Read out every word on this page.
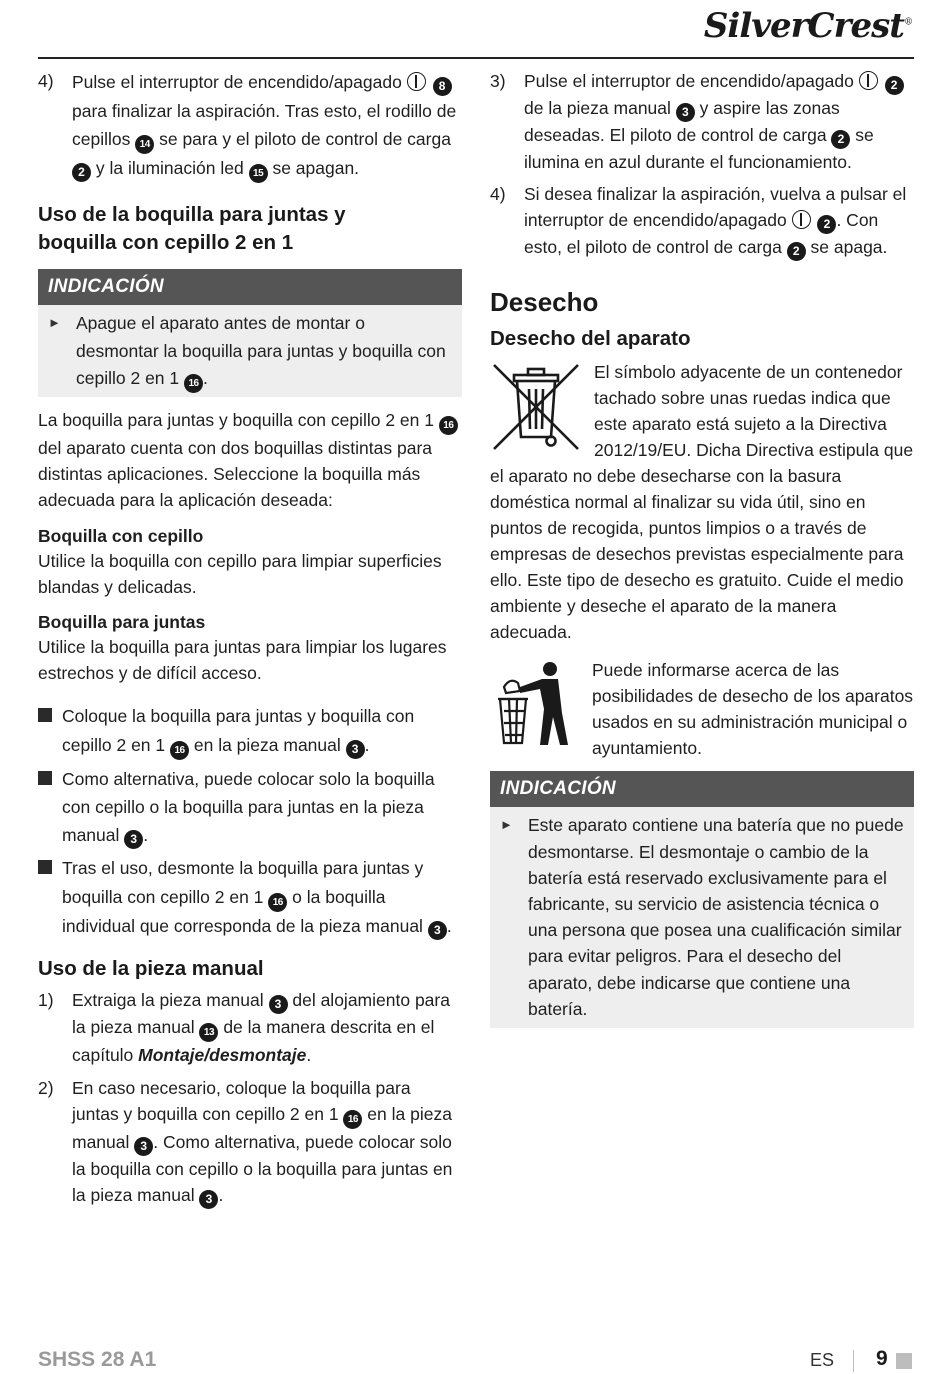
SilverCrest®
4)	Pulse el interruptor de encendido/apagado	8 para finalizar la aspiración. Tras esto, el rodillo de cepillos 14 se para y el piloto de control de carga 2 y la iluminación led 15 se apagan.
Uso de la boquilla para juntas y boquilla con cepillo 2 en 1
INDICACIÓN
► Apague el aparato antes de montar o desmontar la boquilla para juntas y boquilla con cepillo 2 en 1 16 .

La boquilla para juntas y boquilla con cepillo 2 en 1 16 del aparato cuenta con dos boquillas distintas para distintas aplicaciones. Seleccione la boquilla más adecuada para la aplicación deseada:

Boquilla con cepillo

Utilice la boquilla con cepillo para limpiar superficies blandas y delicadas.

Boquilla para juntas

Utilice la boquilla para juntas para limpiar los lugares estrechos y de difícil acceso.

Coloque la boquilla para juntas y boquilla con cepillo 2 en 1 16 en la pieza manual 3 .
Como alternativa, puede colocar solo la boquilla con cepillo o la boquilla para juntas en la pieza manual 3 .
Tras el uso, desmonte la boquilla para juntas y boquilla con cepillo 2 en 1 16 o la boquilla individual que corresponda de la pieza manual 3 .
Uso de la pieza manual
1)	Extraiga la pieza manual 3 del alojamiento para la pieza manual 13 de la manera descrita en el capítulo Montaje/desmontaje.
2)	En caso necesario, coloque la boquilla para juntas y boquilla con cepillo 2 en 1 16 en la pieza manual 3 . Como alternativa, puede colocar solo la boquilla con cepillo o la boquilla para juntas en la pieza manual 3 .
3)	Pulse el interruptor de encendido/apagado	2 de la pieza manual 3 y aspire las zonas deseadas. El piloto de control de carga 2 se ilumina en azul durante el funcionamiento.
4)	Si desea finalizar la aspiración, vuelva a pulsar el interruptor de encendido/apagado	2 . Con esto, el piloto de control de carga 2 se apaga.
Desecho
Desecho del aparato

El símbolo adyacente de un contenedor tachado sobre unas ruedas indica que este aparato está sujeto a la Directiva 2012/19/EU. Dicha Directiva estipula que el aparato no debe desecharse con la basura doméstica normal al finalizar su vida útil, sino en puntos de recogida, puntos limpios o a través de empresas de desechos previstas especialmente para ello. Este tipo de desecho es gratuito. Cuide el medio ambiente y deseche el aparato de la manera adecuada.

Puede informarse acerca de las posibilidades de desecho de los aparatos usados en su administración municipal o ayuntamiento.

INDICACIÓN
► Este aparato contiene una batería que no puede desmontarse. El desmontaje o cambio de la batería está reservado exclusivamente para el fabricante, su servicio de asistencia técnica o una persona que posea una cualificación similar para evitar peligros. Para el desecho del aparato, debe indicarse que contiene una batería.
SHSS 28 A1	ES 9
